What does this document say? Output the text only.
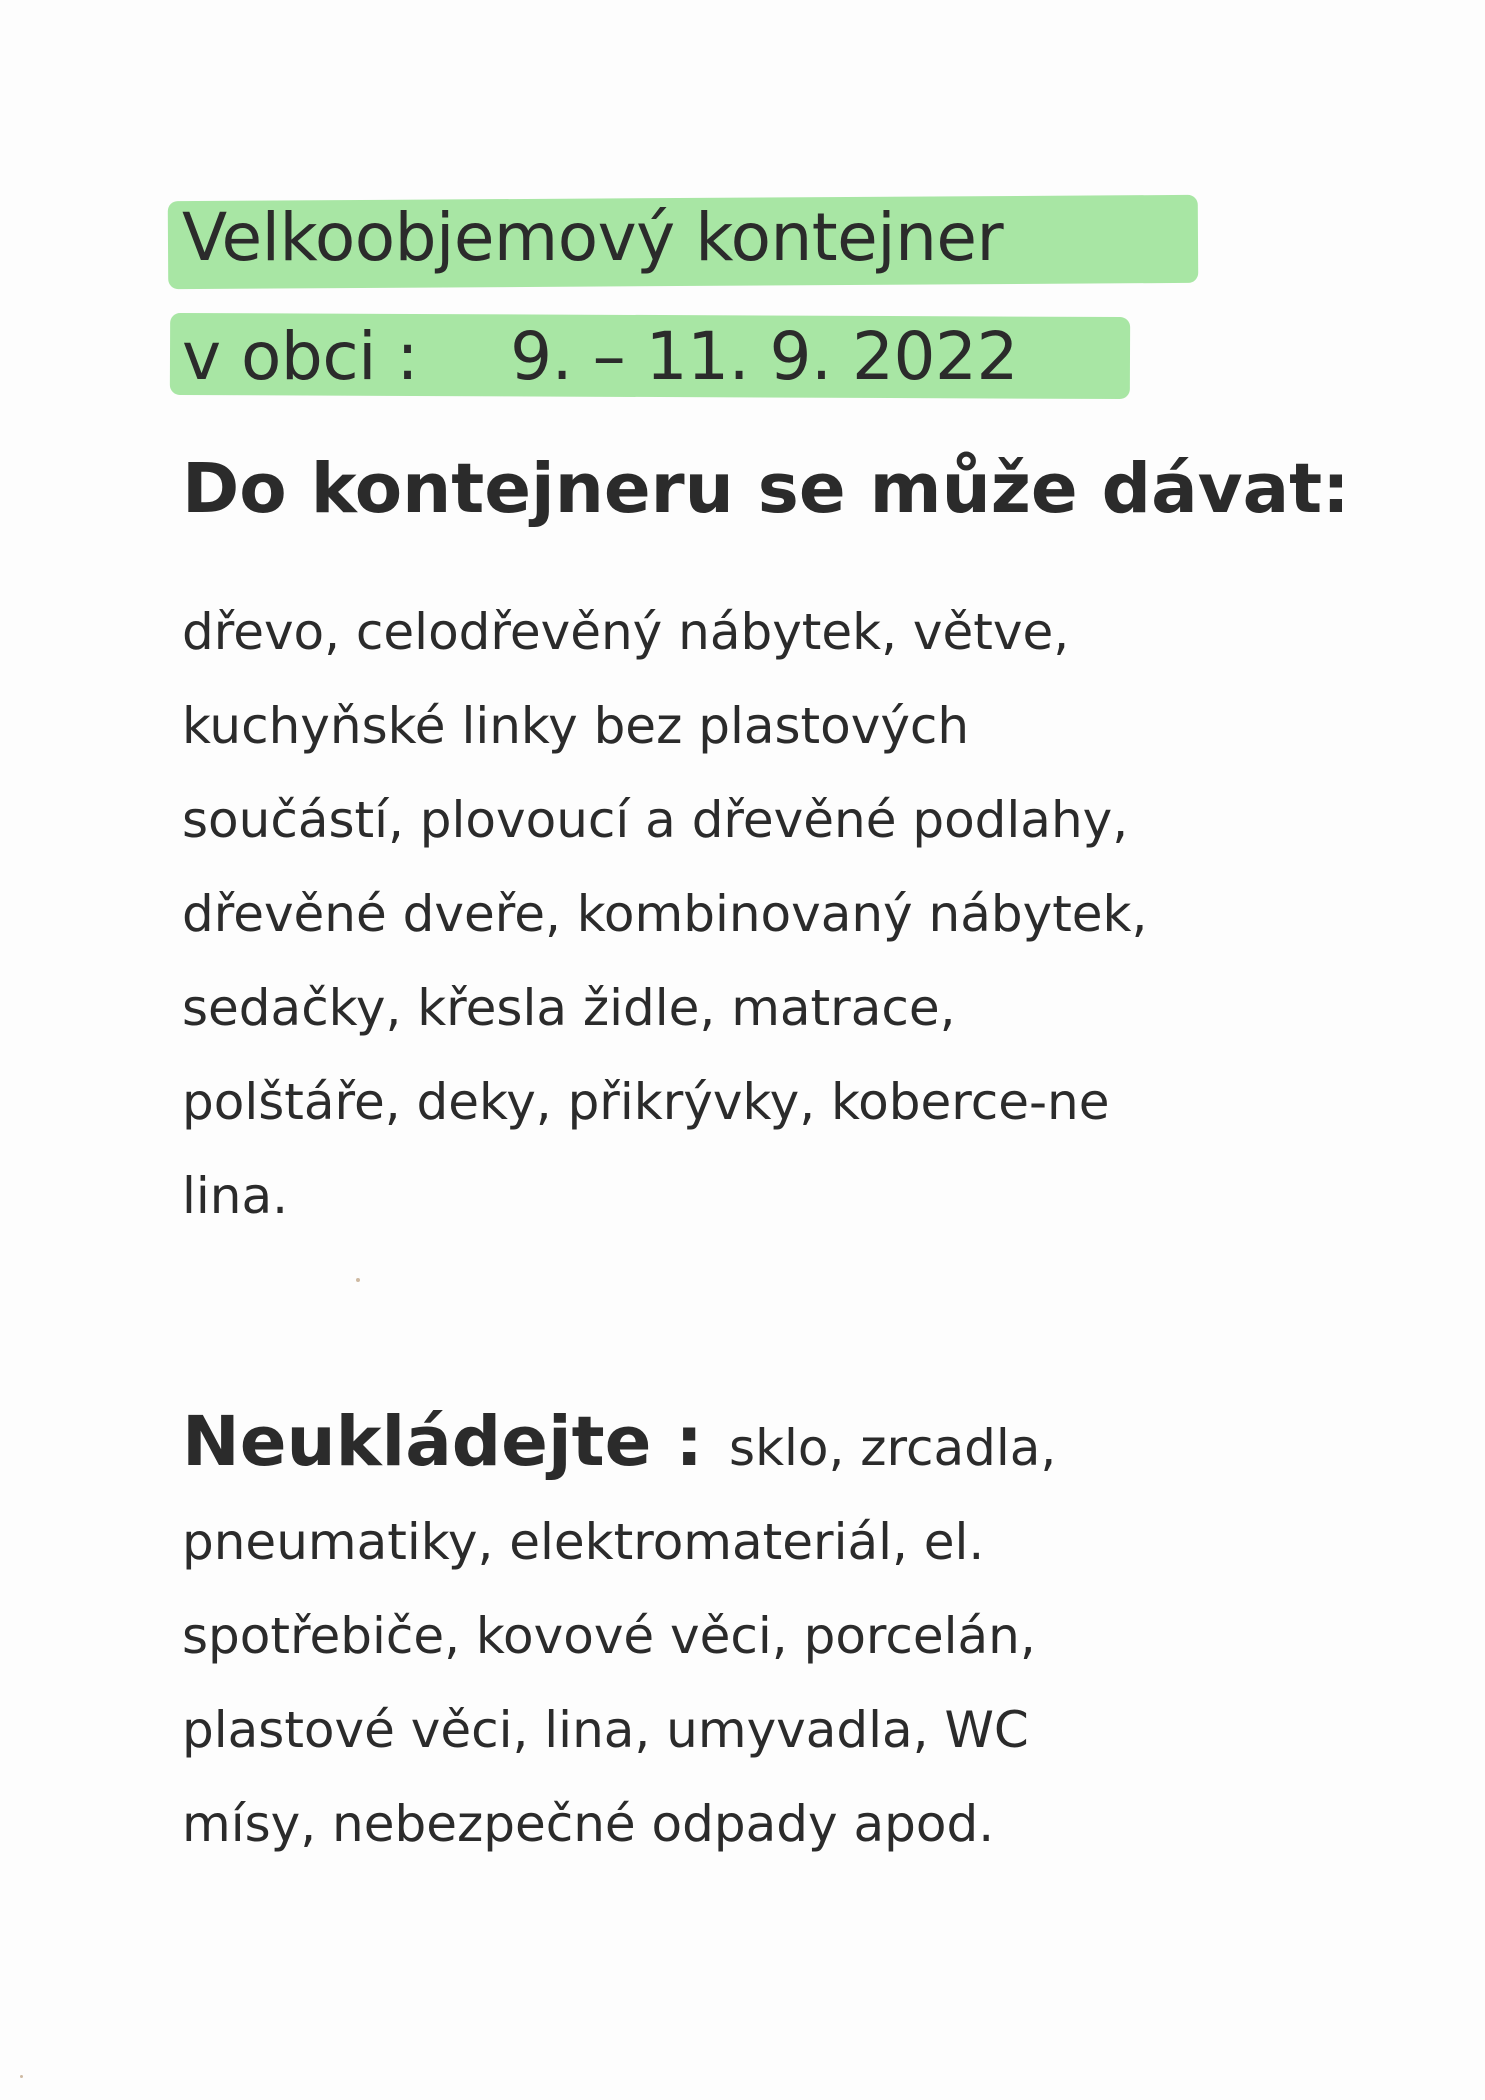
Velkoobjemový kontejner
v obci : 9. – 11. 9. 2022
Do kontejneru se může dávat:
dřevo, celodřevěný nábytek, větve,
kuchyňské linky bez plastových
součástí, plovoucí a dřevěné podlahy,
dřevěné dveře, kombinovaný nábytek,
sedačky, křesla židle, matrace,
polštáře, deky, přikrývky, koberce-ne
lina.
Neukládejte : sklo, zrcadla,
pneumatiky, elektromateriál, el.
spotřebiče, kovové věci, porcelán,
plastové věci, lina, umyvadla, WC
mísy, nebezpečné odpady apod.
